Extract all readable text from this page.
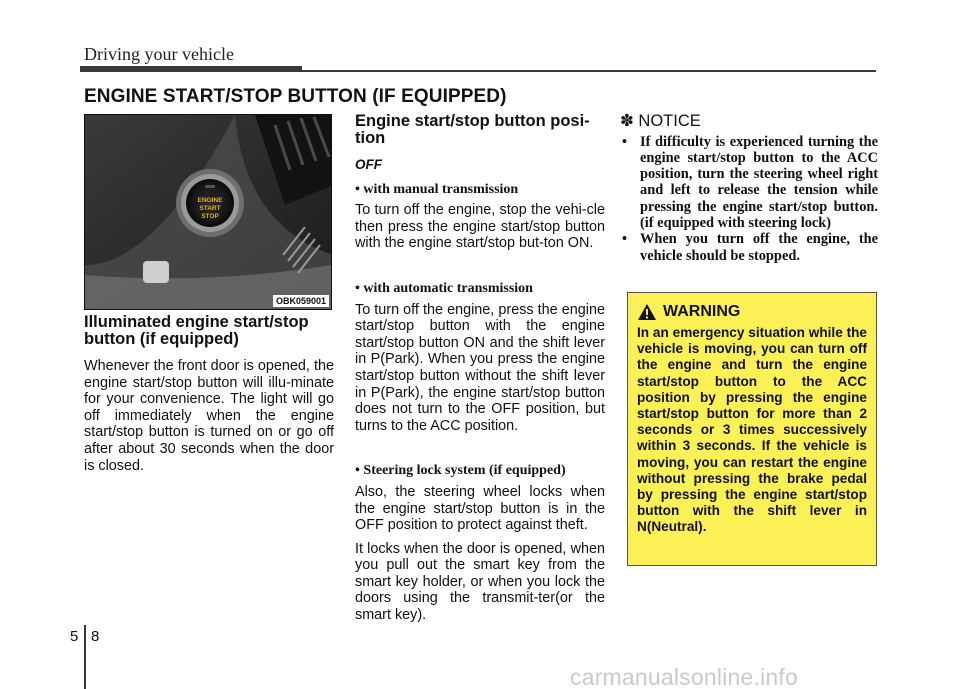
Driving your vehicle
ENGINE START/STOP BUTTON (IF EQUIPPED)
ENGINE
START
STOP
OBK059001
Illuminated engine start/stop button (if equipped)
Whenever the front door is opened, the engine start/stop button will illu-minate for your convenience. The light will go off immediately when the engine start/stop button is turned on or go off after about 30 seconds when the door is closed.
Engine start/stop button posi-tion
OFF
• with manual transmission
To turn off the engine, stop the vehi-cle then press the engine start/stop button with the engine start/stop but-ton ON.
• with automatic transmission
To turn off the engine, press the engine start/stop button with the engine start/stop button ON and the shift lever in P(Park). When you press the engine start/stop button without the shift lever in P(Park), the engine start/stop button does not turn to the OFF position, but turns to the ACC position.
• Steering lock system (if equipped)
Also, the steering wheel locks when the engine start/stop button is in the OFF position to protect against theft.
It locks when the door is opened, when you pull out the smart key from the smart key holder, or when you lock the doors using the transmit-ter(or the smart key).
✽ NOTICE
• If difficulty is experienced turning the engine start/stop button to the ACC position, turn the steering wheel right and left to release the tension while pressing the engine start/stop button. (if equipped with steering lock)
• When you turn off the engine, the vehicle should be stopped.
WARNING
In an emergency situation while the vehicle is moving, you can turn off the engine and turn the engine start/stop button to the ACC position by pressing the engine start/stop button for more than 2 seconds or 3 times successively within 3 seconds. If the vehicle is moving, you can restart the engine without pressing the brake pedal by pressing the engine start/stop button with the shift lever in N(Neutral).
5 8
carmanualsonline.info
